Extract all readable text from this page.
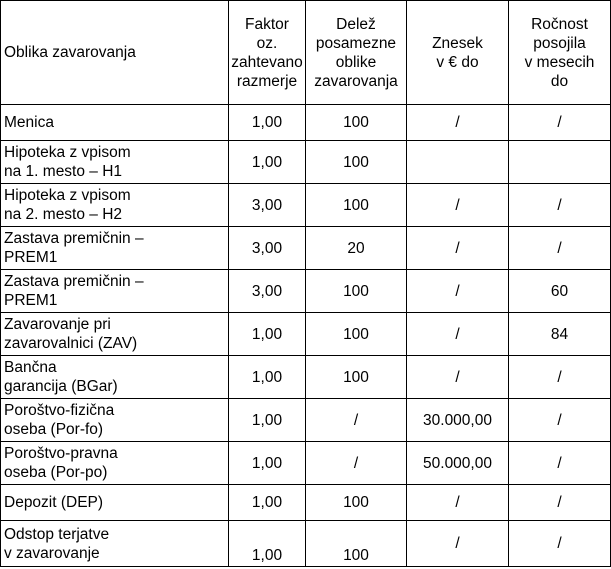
Oblika zavarovanja	Faktor
oz.
zahtevano
razmerje	Delež
posamezne
oblike
zavarovanja	Znesek
v € do	Ročnost
posojila
v mesecih
do
Menica	1,00	100	/	/
Hipoteka z vpisom
na 1. mesto – H1	1,00	100		
Hipoteka z vpisom
na 2. mesto – H2	3,00	100	/	/
Zastava premičnin –
PREM1	3,00	20	/	/
Zastava premičnin –
PREM1	3,00	100	/	60
Zavarovanje pri
zavarovalnici (ZAV)	1,00	100	/	84
Bančna
garancija (BGar)	1,00	100	/	/
Poroštvo-fizična
oseba (Por-fo)	1,00	/	30.000,00	/
Poroštvo-pravna
oseba (Por-po)	1,00	/	50.000,00	/
Depozit (DEP)	1,00	100	/	/
Odstop terjatve
v zavarovanje	1,00	100	/	/
